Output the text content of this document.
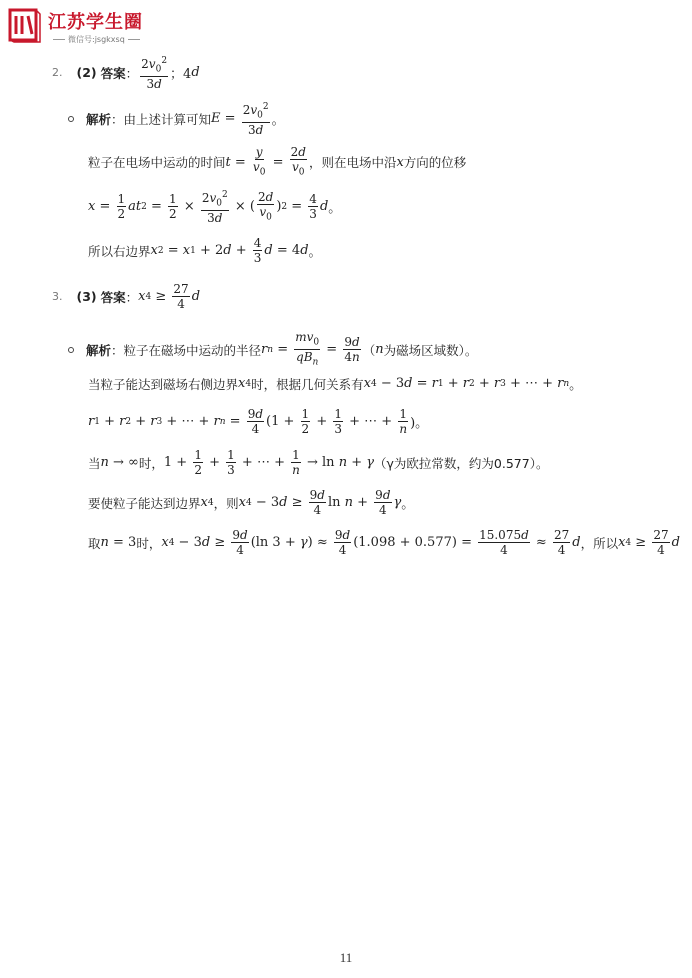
江苏学生圈
微信号:jsgkxsq
2. (2) 答案 ： $\frac{2v_0^2}{3d}$ ；4 d
解析 ： 由上述计算可知 $E = \frac{2v_0^2}{3d}$ 。
粒子在电场中运动的时间 $t = \frac{y}{v_0} = \frac{2d}{v_0}$ ，则在电场中沿 x 方向的位移
$x = \frac{1}{2}$ at $2 = \frac{1}{2} \times \frac{2v_0^2}{3d}$ × ( $\frac{2d}{v_0}$ ) $2 = \frac{4}{3}$ d 。
所以右边界 x 2 = x 1 + 2 $d + \frac{4}{3}$ d = 4 d 。
3. (3) 答案 ： x $4 \ge \frac{27}{4}$ d
解析 ： 粒子在磁场中运动的半径 r $n = \frac{mv_0}{qB_n} = \frac{9d}{4n}$ （ n 为磁场区域数）。
当粒子能达到磁场右侧边界 x 4 时，根据几何关系有 x 4 − 3 d = r 1 + r 2 + r 3 + ⋯ + r n 。
r 1 + r 2 + r 3 + ⋯ + r $n = \frac{9d}{4} (1 + \frac{1}{2} + \frac{1}{3}$ + ⋯ + $\frac{1}{n}$ )。
当 n → ∞ 时， $1 + \frac{1}{2} + \frac{1}{3}$ + ⋯ + $\frac{1}{n} \to \ln n + \gamma$ （γ为欧拉常数，约为0.577）。
要使粒子能达到边界 x 4 ，则 x 4 − 3 $d \ge \frac{9d}{4}$ $\ln n + \frac{9d}{4}$ γ 。
取 n = 3 时， x 4 − 3 $d \ge \frac{9d}{4} (\ln$ 3 + γ ) ≈ $\frac{9d}{4} (1.098 + 0.577) = \frac{15.075d}{4} \approx \frac{27}{4}$ d ，所以 x $4 \ge \frac{27}{4}$ d
11
